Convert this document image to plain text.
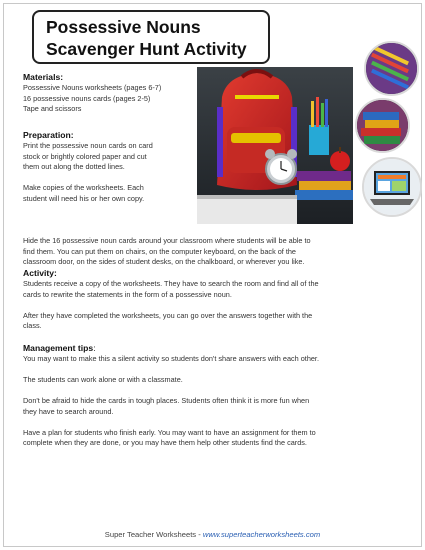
Possessive Nouns
Scavenger Hunt Activity
Materials:

Possessive Nouns worksheets (pages 6-7)

16 possessive nouns cards (pages 2-5)

Tape and scissors

Preparation:

Print the possessive noun cards on card

stock or brightly colored paper and cut

them out along the dotted lines.

Make copies of the worksheets. Each

student will need his or her own copy.

Hide the 16 possessive noun cards around your classroom where students will be able to

find them. You can put them on chairs, on the computer keyboard, on the back of the

classroom door, on the sides of student desks, on the chalkboard, or wherever you like.

Activity:

Students receive a copy of the worksheets. They have to search the room and find all of the

cards to rewrite the statements in the form of a possessive noun.

After they have completed the worksheets, you can go over the answers together with the

class.

Management tips:

You may want to make this a silent activity so students don't share answers with each other.

The students can work alone or with a classmate.

Don't be afraid to hide the cards in tough places. Students often think it is more fun when

they have to search around.

Have a plan for students who finish early. You may want to have an assignment for them to

complete when they are done, or you may have them help other students find the cards.

Super Teacher Worksheets - www.superteacherworksheets.com
